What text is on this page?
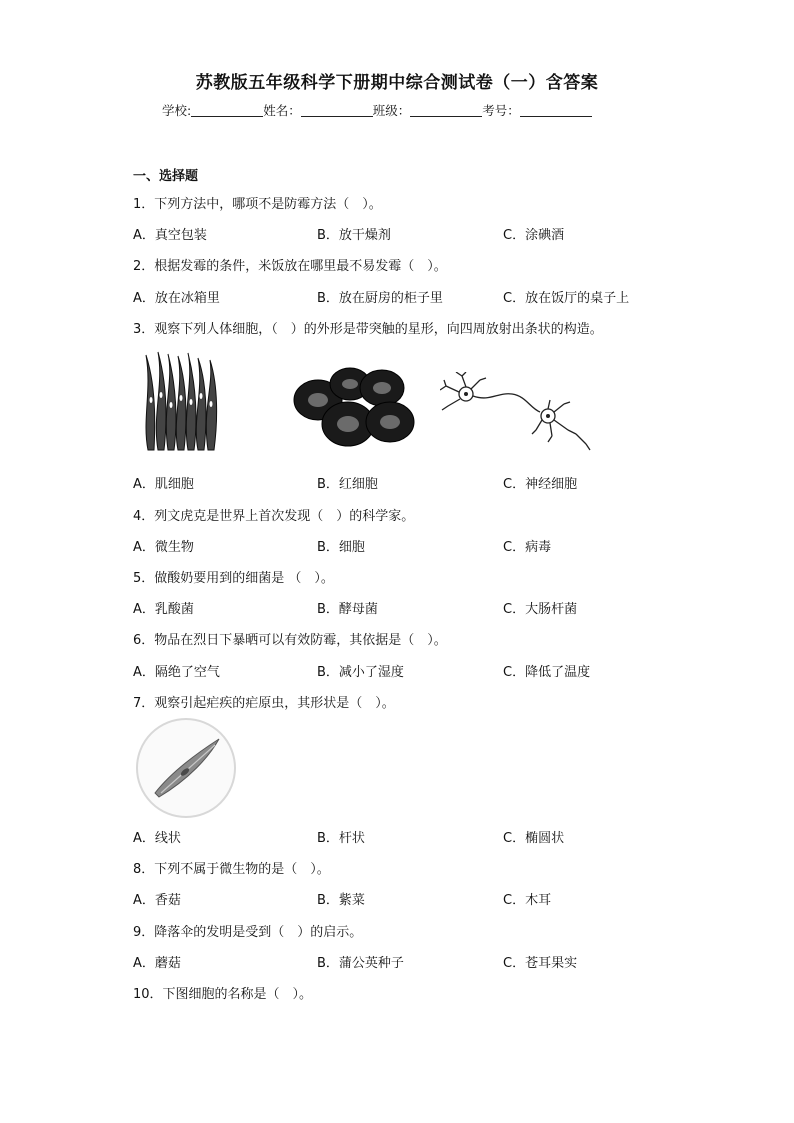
苏教版五年级科学下册期中综合测试卷（一）含答案
学校:	姓名：	班级：	考号：
一、选择题
1．下列方法中，哪项不是防霉方法（　）。
A．真空包装	B．放干燥剂	C．涂碘酒
2．根据发霉的条件，米饭放在哪里最不易发霉（　）。
A．放在冰箱里	B．放在厨房的柜子里	C．放在饭厅的桌子上
3．观察下列人体细胞，（　）的外形是带突触的星形，向四周放射出条状的构造。
A．肌细胞	B．红细胞	C．神经细胞
4．列文虎克是世界上首次发现（　）的科学家。
A．微生物	B．细胞	C．病毒
5．做酸奶要用到的细菌是 （　）。
A．乳酸菌	B．酵母菌	C．大肠杆菌
6．物品在烈日下暴晒可以有效防霉，其依据是（　）。
A．隔绝了空气	B．减小了湿度	C．降低了温度
7．观察引起疟疾的疟原虫，其形状是（　）。
A．线状	B．杆状	C．椭圆状
8．下列不属于微生物的是（　）。
A．香菇	B．紫菜	C．木耳
9．降落伞的发明是受到（　）的启示。
A．蘑菇	B．蒲公英种子	C．苍耳果实
10．下图细胞的名称是（　）。
